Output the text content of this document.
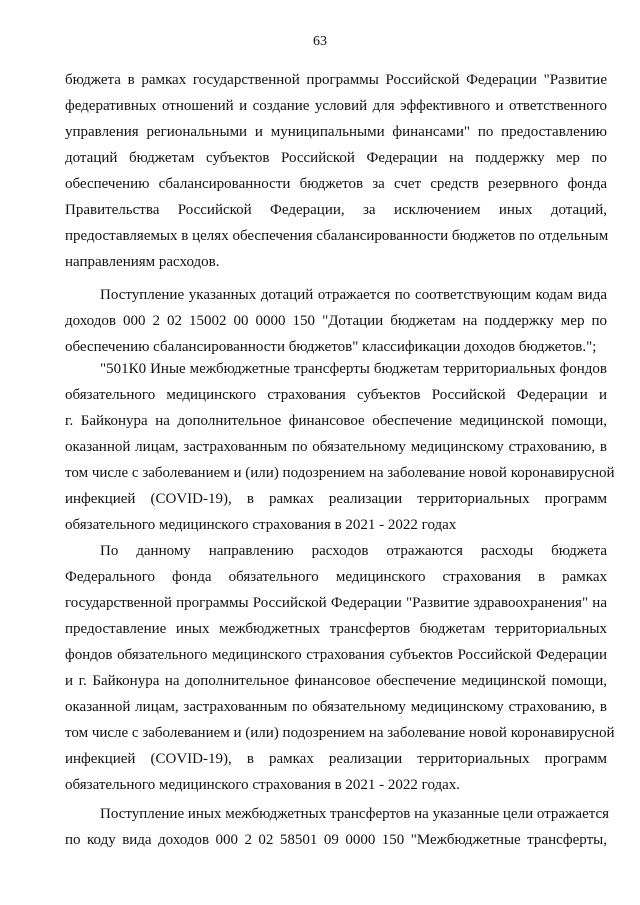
63
бюджета в рамках государственной программы Российской Федерации "Развитие
федеративных отношений и создание условий для эффективного и ответственного
управления региональными и муниципальными финансами" по предоставлению
дотаций бюджетам субъектов Российской Федерации на поддержку мер по
обеспечению сбалансированности бюджетов за счет средств резервного фонда
Правительства Российской Федерации, за исключением иных дотаций,
предоставляемых в целях обеспечения сбалансированности бюджетов по отдельным
направлениям расходов.
Поступление указанных дотаций отражается по соответствующим кодам вида
доходов 000 2 02 15002 00 0000 150 "Дотации бюджетам на поддержку мер по
обеспечению сбалансированности бюджетов" классификации доходов бюджетов.";
"501К0 Иные межбюджетные трансферты бюджетам территориальных фондов
обязательного медицинского страхования субъектов Российской Федерации и
г. Байконура на дополнительное финансовое обеспечение медицинской помощи,
оказанной лицам, застрахованным по обязательному медицинскому страхованию, в
том числе с заболеванием и (или) подозрением на заболевание новой коронавирусной
инфекцией (COVID-19), в рамках реализации территориальных программ
обязательного медицинского страхования в 2021 - 2022 годах
По данному направлению расходов отражаются расходы бюджета
Федерального фонда обязательного медицинского страхования в рамках
государственной программы Российской Федерации "Развитие здравоохранения" на
предоставление иных межбюджетных трансфертов бюджетам территориальных
фондов обязательного медицинского страхования субъектов Российской Федерации
и г. Байконура на дополнительное финансовое обеспечение медицинской помощи,
оказанной лицам, застрахованным по обязательному медицинскому страхованию, в
том числе с заболеванием и (или) подозрением на заболевание новой коронавирусной
инфекцией (COVID-19), в рамках реализации территориальных программ
обязательного медицинского страхования в 2021 - 2022 годах.
Поступление иных межбюджетных трансфертов на указанные цели отражается
по коду вида доходов 000 2 02 58501 09 0000 150 "Межбюджетные трансферты,
